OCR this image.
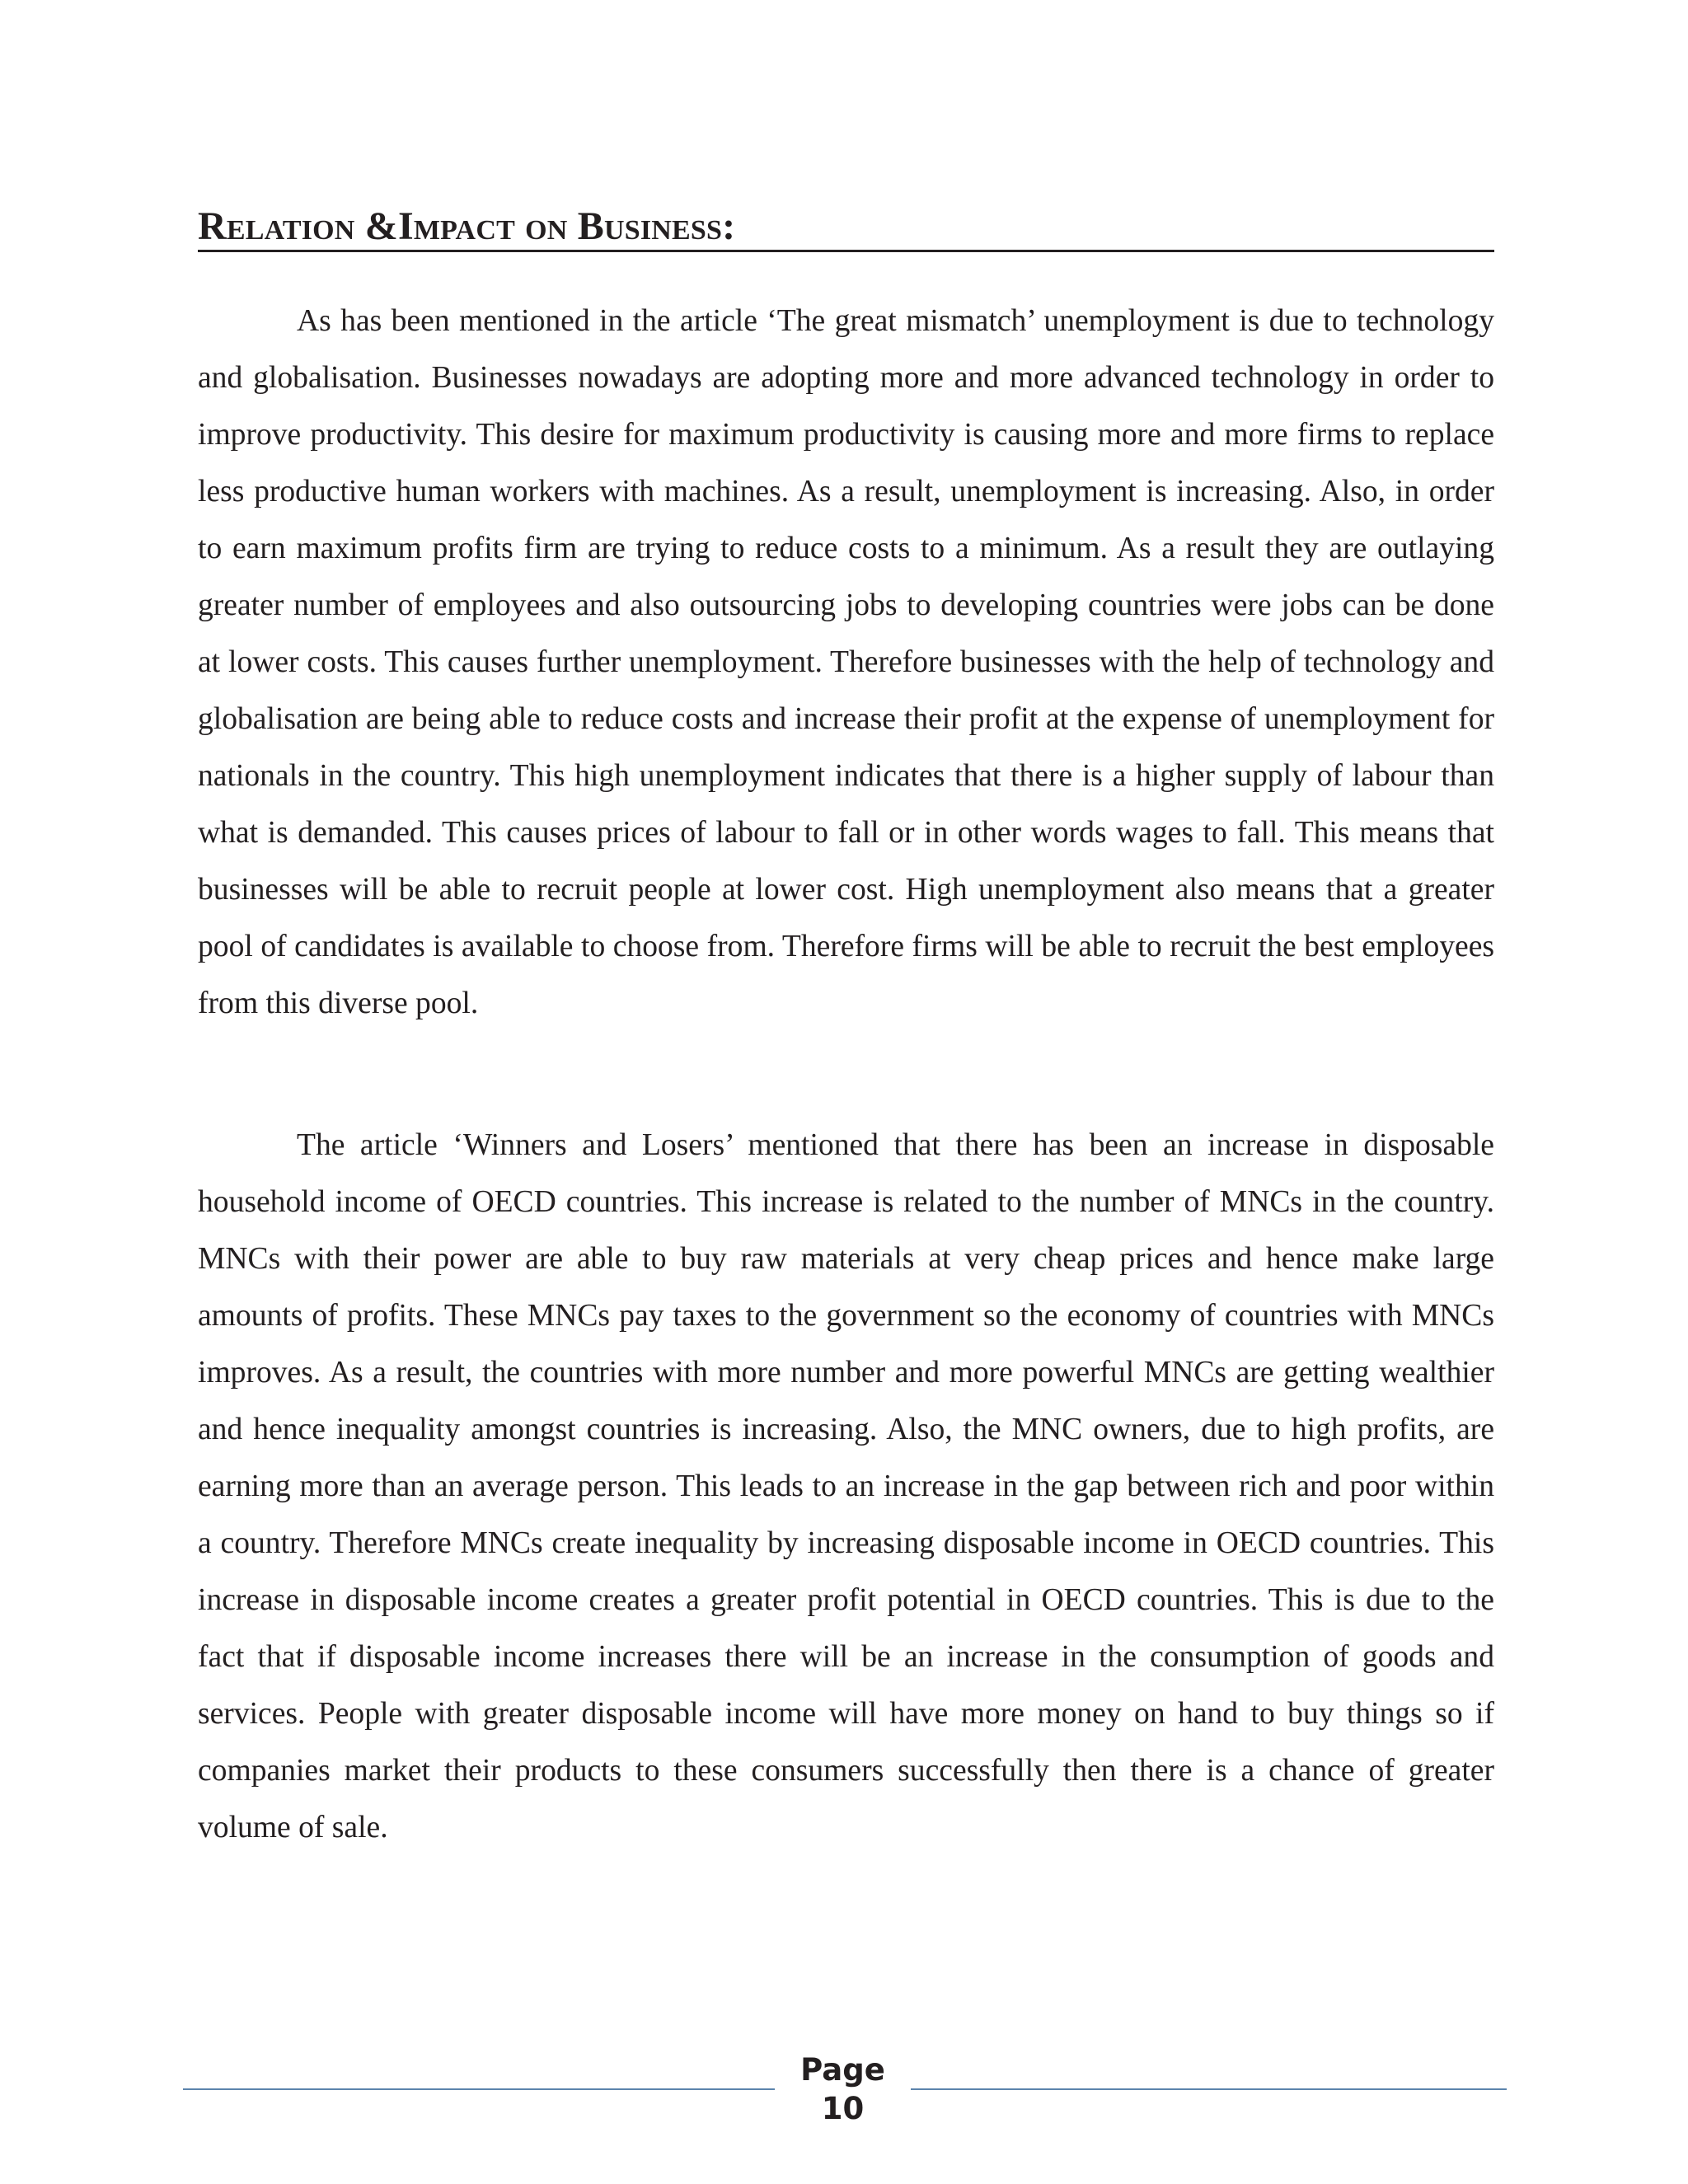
Relation &Impact on Business:

As has been mentioned in the article ‘The great mismatch’ unemployment is due to technology and globalisation. Businesses nowadays are adopting more and more advanced technology in order to improve productivity. This desire for maximum productivity is causing more and more firms to replace less productive human workers with machines. As a result, unemployment is increasing. Also, in order to earn maximum profits firm are trying to reduce costs to a minimum. As a result they are outlaying greater number of employees and also outsourcing jobs to developing countries were jobs can be done at lower costs. This causes further unemployment. Therefore businesses with the help of technology and globalisation are being able to reduce costs and increase their profit at the expense of unemployment for nationals in the country. This high unemployment indicates that there is a higher supply of labour than what is demanded. This causes prices of labour to fall or in other words wages to fall. This means that businesses will be able to recruit people at lower cost. High unemployment also means that a greater pool of candidates is available to choose from. Therefore firms will be able to recruit the best employees from this diverse pool.

The article ‘Winners and Losers’ mentioned that there has been an increase in disposable household income of OECD countries. This increase is related to the number of MNCs in the country. MNCs with their power are able to buy raw materials at very cheap prices and hence make large amounts of profits. These MNCs pay taxes to the government so the economy of countries with MNCs improves. As a result, the countries with more number and more powerful MNCs are getting wealthier and hence inequality amongst countries is increasing. Also, the MNC owners, due to high profits, are earning more than an average person. This leads to an increase in the gap between rich and poor within a country. Therefore MNCs create inequality by increasing disposable income in OECD countries. This increase in disposable income creates a greater profit potential in OECD countries. This is due to the fact that if disposable income increases there will be an increase in the consumption of goods and services. People with greater disposable income will have more money on hand to buy things so if companies market their products to these consumers successfully then there is a chance of greater volume of sale.

Page
10
